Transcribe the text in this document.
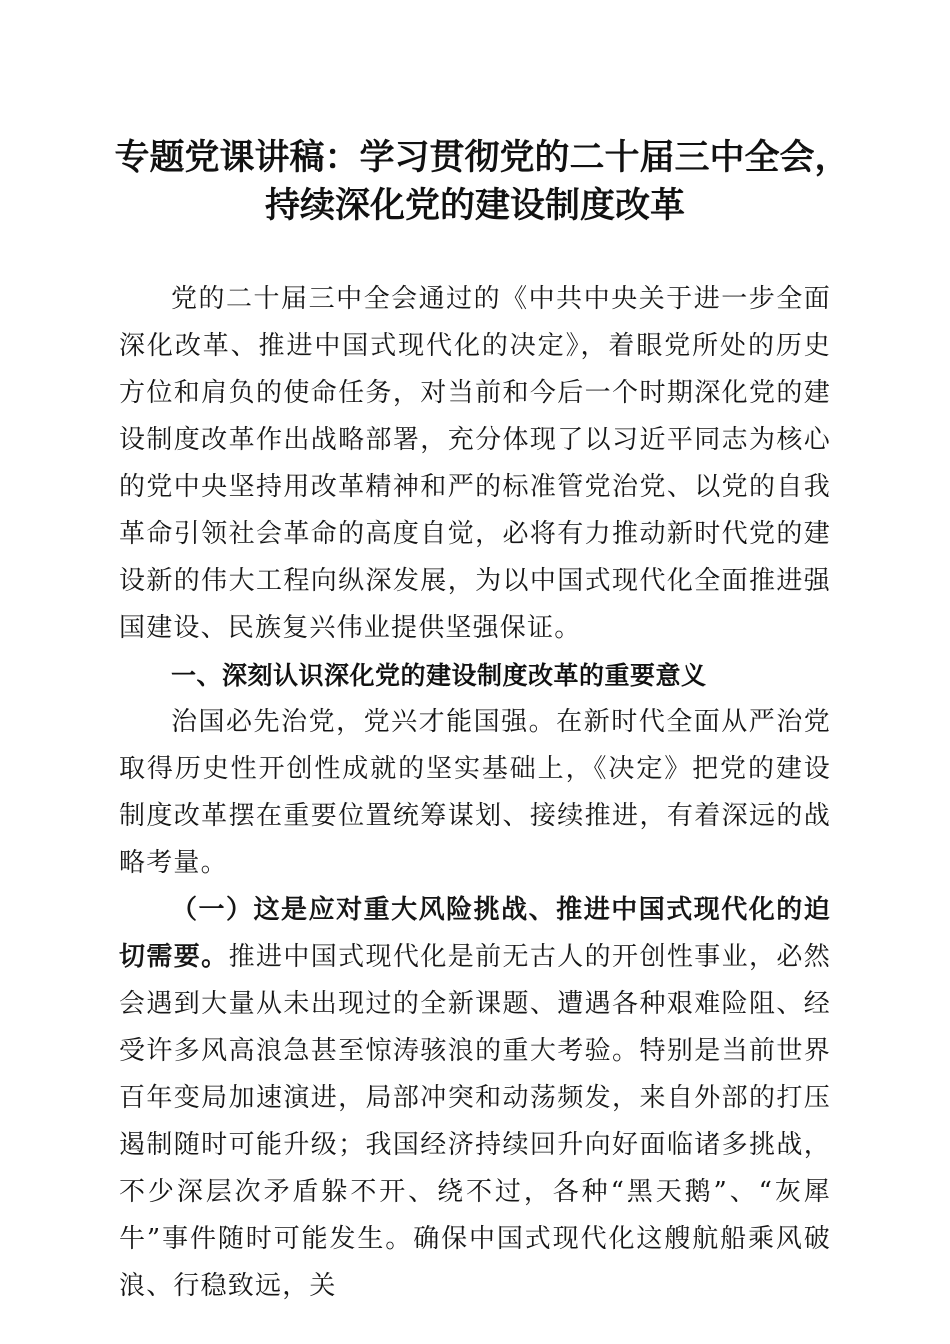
专题党课讲稿：学习贯彻党的二十届三中全会，
持续深化党的建设制度改革

党的二十届三中全会通过的《中共中央关于进一步全面深化改革、推进中国式现代化的决定》，着眼党所处的历史方位和肩负的使命任务，对当前和今后一个时期深化党的建设制度改革作出战略部署，充分体现了以习近平同志为核心的党中央坚持用改革精神和严的标准管党治党、以党的自我革命引领社会革命的高度自觉，必将有力推动新时代党的建设新的伟大工程向纵深发展，为以中国式现代化全面推进强国建设、民族复兴伟业提供坚强保证。

一、深刻认识深化党的建设制度改革的重要意义

治国必先治党，党兴才能国强。在新时代全面从严治党取得历史性开创性成就的坚实基础上，《决定》把党的建设制度改革摆在重要位置统筹谋划、接续推进，有着深远的战略考量。

（一）这是应对重大风险挑战、推进中国式现代化的迫切需要。推进中国式现代化是前无古人的开创性事业，必然会遇到大量从未出现过的全新课题、遭遇各种艰难险阻、经受许多风高浪急甚至惊涛骇浪的重大考验。特别是当前世界百年变局加速演进，局部冲突和动荡频发，来自外部的打压遏制随时可能升级；我国经济持续回升向好面临诸多挑战，不少深层次矛盾躲不开、绕不过，各种“黑天鹅”、“灰犀牛”事件随时可能发生。确保中国式现代化这艘航船乘风破浪、行稳致远，关
